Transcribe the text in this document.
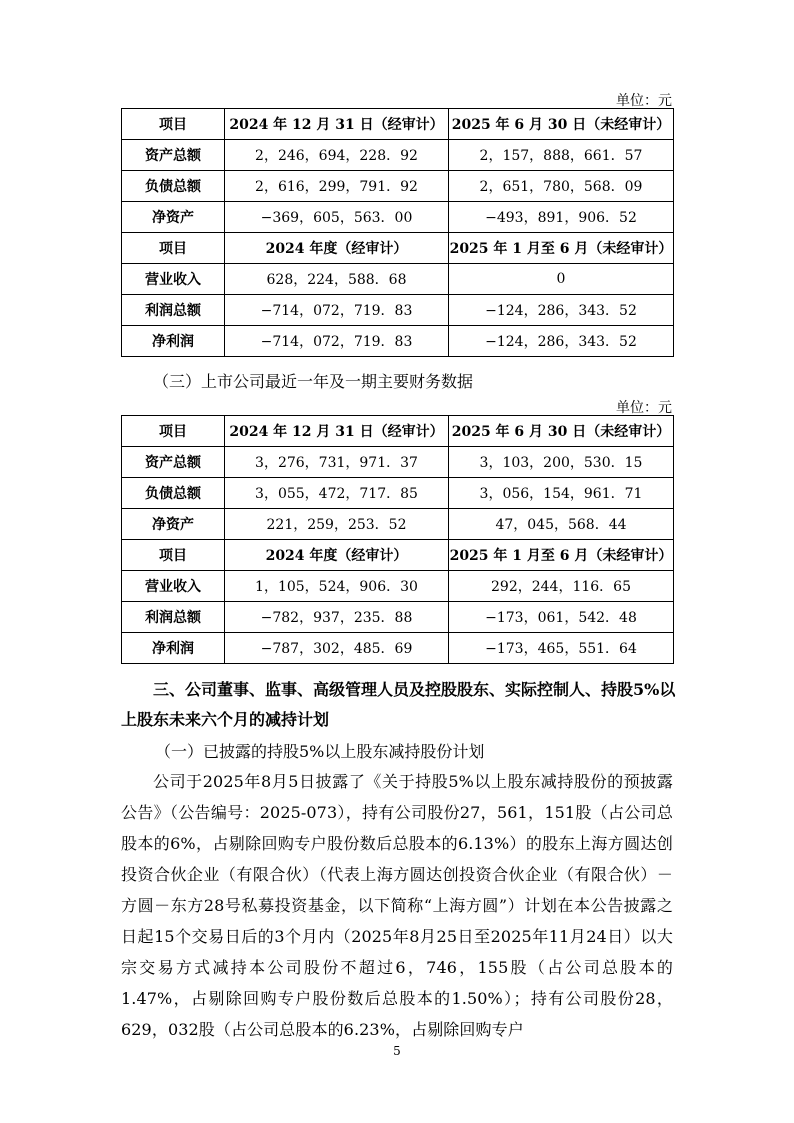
单位：元
项目	2024 年 12 月 31 日（经审计）	2025 年 6 月 30 日（未经审计）
资产总额	2，246，694，228．92	2，157，888，661．57
负债总额	2，616，299，791．92	2，651，780，568．09
净资产	−369，605，563．00	−493，891，906．52
项目	2024 年度（经审计）	2025 年 1 月至 6 月（未经审计）
营业收入	628，224，588．68	0
利润总额	−714，072，719．83	−124，286，343．52
净利润	−714，072，719．83	−124，286，343．52
（三）上市公司最近一年及一期主要财务数据
单位：元
项目	2024 年 12 月 31 日（经审计）	2025 年 6 月 30 日（未经审计）
资产总额	3，276，731，971．37	3，103，200，530．15
负债总额	3，055，472，717．85	3，056，154，961．71
净资产	221，259，253．52	47，045，568．44
项目	2024 年度（经审计）	2025 年 1 月至 6 月（未经审计）
营业收入	1，105，524，906．30	292，244，116．65
利润总额	−782，937，235．88	−173，061，542．48
净利润	−787，302，485．69	−173，465，551．64

三、公司董事、监事、高级管理人员及控股股东、实际控制人、持股5%以上股东未来六个月的减持计划

（一）已披露的持股5%以上股东减持股份计划

公司于2025年8月5日披露了《关于持股5%以上股东减持股份的预披露公告》（公告编号：2025-073），持有公司股份27，561，151股（占公司总股本的6%，占剔除回购专户股份数后总股本的6.13%）的股东上海方圆达创投资合伙企业（有限合伙）（代表上海方圆达创投资合伙企业（有限合伙）－方圆－东方28号私募投资基金，以下简称“上海方圆”）计划在本公告披露之日起15个交易日后的3个月内（2025年8月25日至2025年11月24日）以大宗交易方式减持本公司股份不超过6，746，155股（占公司总股本的1.47%，占剔除回购专户股份数后总股本的1.50%）；持有公司股份28，629，032股（占公司总股本的6.23%，占剔除回购专户

5
